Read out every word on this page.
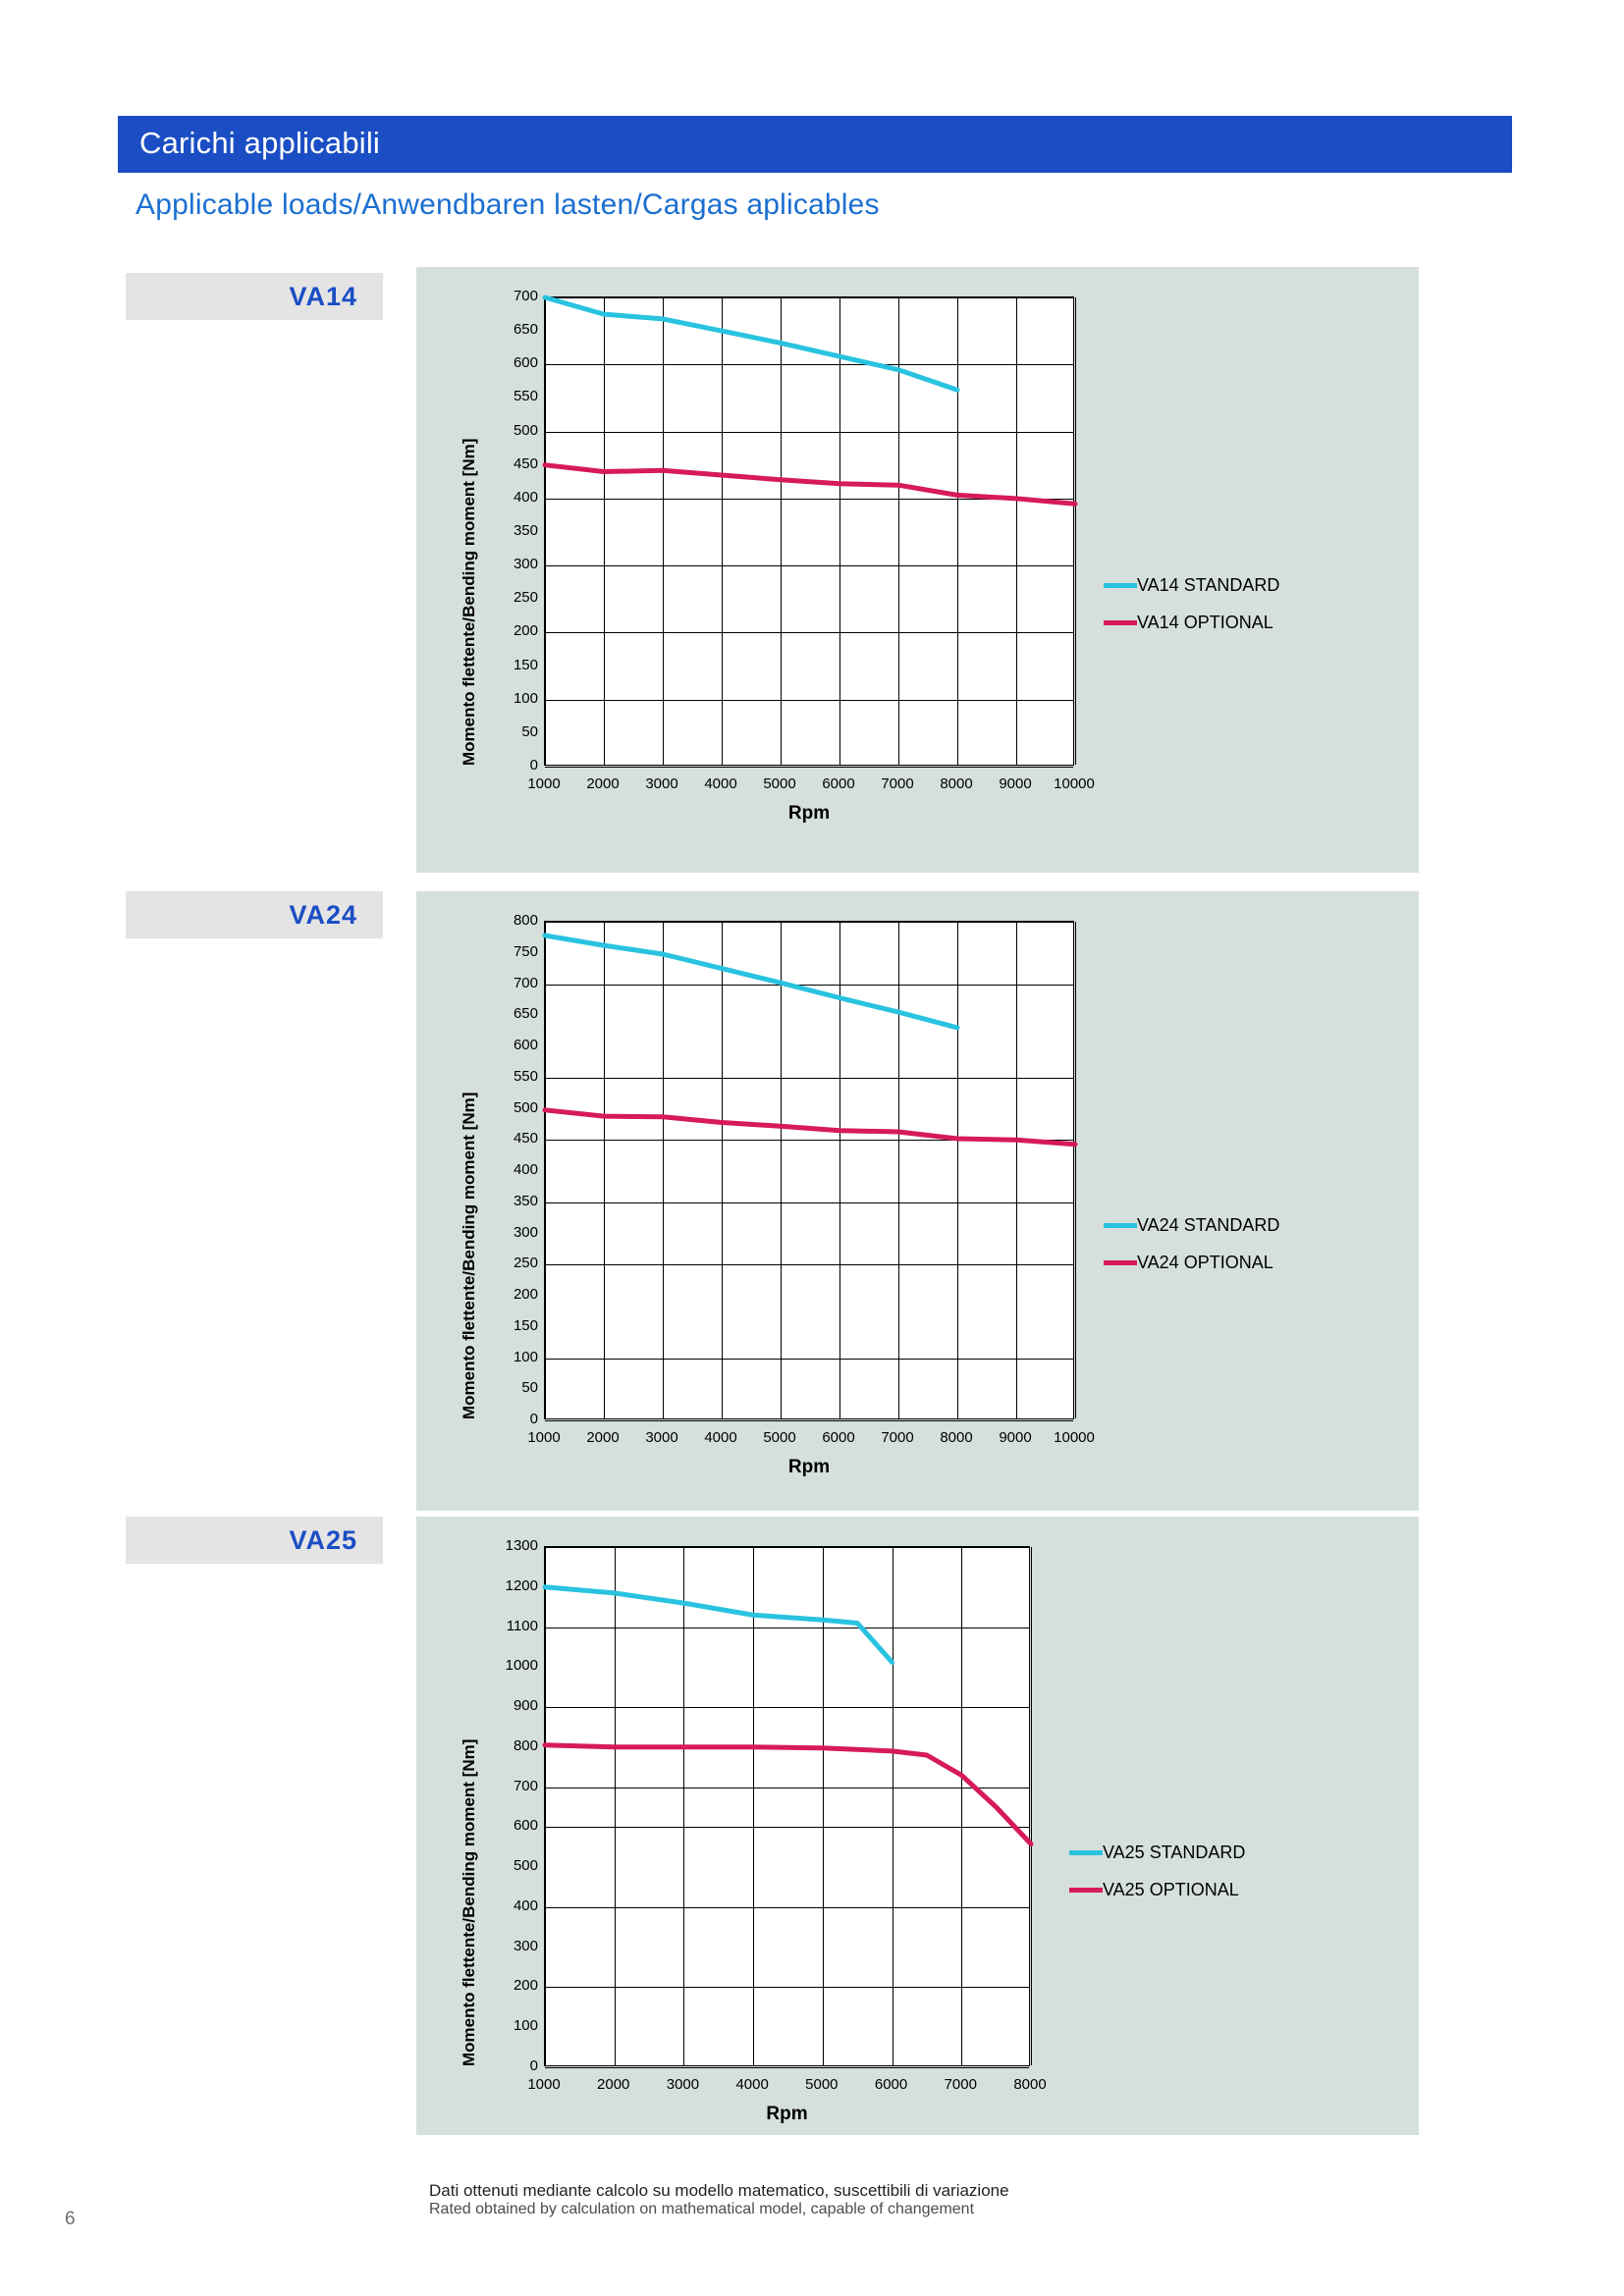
Carichi applicabili
Applicable loads/Anwendbaren lasten/Cargas aplicables
VA14
VA24
VA25
0
50
100
150
200
250
300
350
400
450
500
550
600
650
700
1000	2000	3000	4000	5000	6000	7000	8000	9000	10000
Momento flettente/Bending moment [Nm]
Rpm
VA14 STANDARD
VA14 OPTIONAL
0
50
100
150
200
250
300
350
400
450
500
550
600
650
700
750
800
1000	2000	3000	4000	5000	6000	7000	8000	9000	10000
Momento flettente/Bending moment [Nm]
Rpm
VA24 STANDARD
VA24 OPTIONAL
0
100
200
300
400
500
600
700
800
900
1000
1100
1200
1300
1000	2000	3000	4000	5000	6000	7000	8000
Momento flettente/Bending moment [Nm]
Rpm
VA25 STANDARD
VA25 OPTIONAL
Dati ottenuti mediante calcolo su modello matematico, suscettibili di variazione
Rated obtained by calculation on mathematical model, capable of changement
6
